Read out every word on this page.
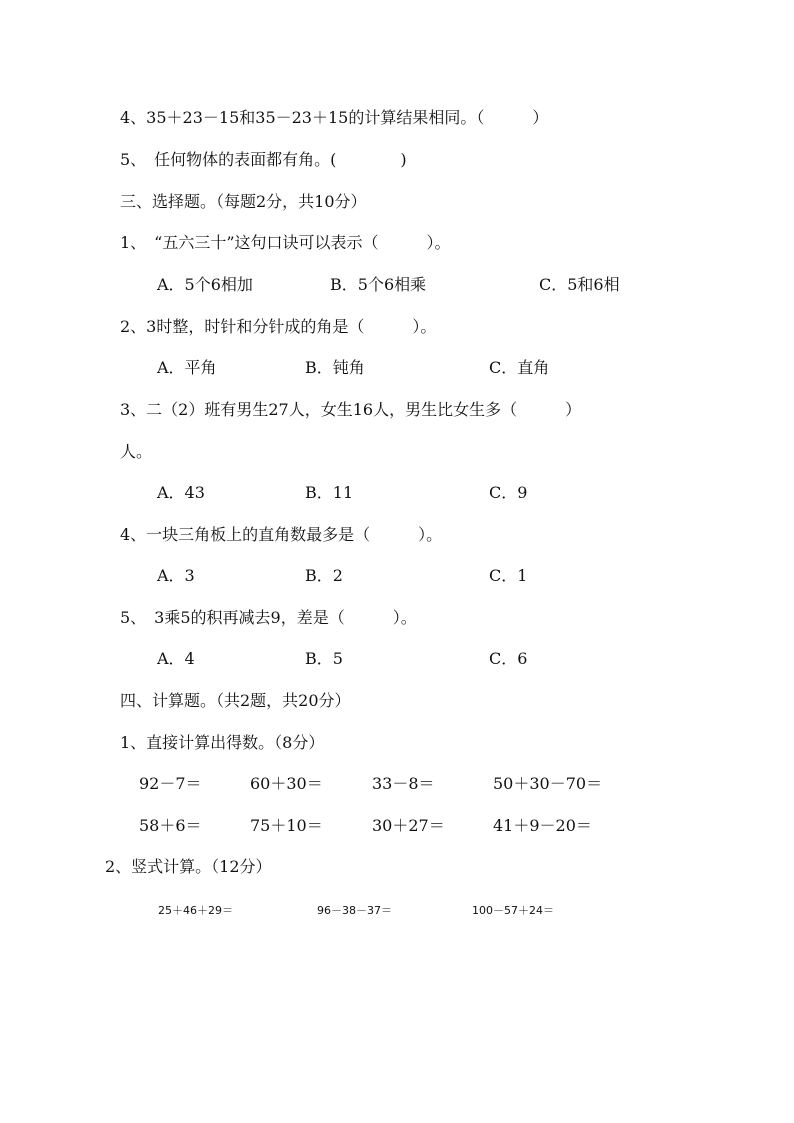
4、35＋23－15和35－23＋15的计算结果相同。（　　　）
5、　任何物体的表面都有角。(　　　　)
三、选择题。（每题2分，共10分）
1、　“五六三十”这句口诀可以表示（　　　）。
A．5个6相加	B．5个6相乘	C．5和6相
2、3时整，时针和分针成的角是（　　　）。
A．平角	B．钝角	C．直角
3、二（2）班有男生27人，女生16人，男生比女生多（　　　）
人。
A．43	B．11	C．9
4、一块三角板上的直角数最多是（　　　）。
A．3	B．2	C．1
5、　3乘5的积再减去9，差是（　　　）。
A．4	B．5	C．6
四、计算题。（共2题，共20分）
1、直接计算出得数。（8分）
92－7＝	60＋30＝	33－8＝	50＋30－70＝
58＋6＝	75＋10＝	30＋27＝	41＋9－20＝
2、竖式计算。（12分）
25＋46＋29＝	96－38－37＝	100－57＋24＝
